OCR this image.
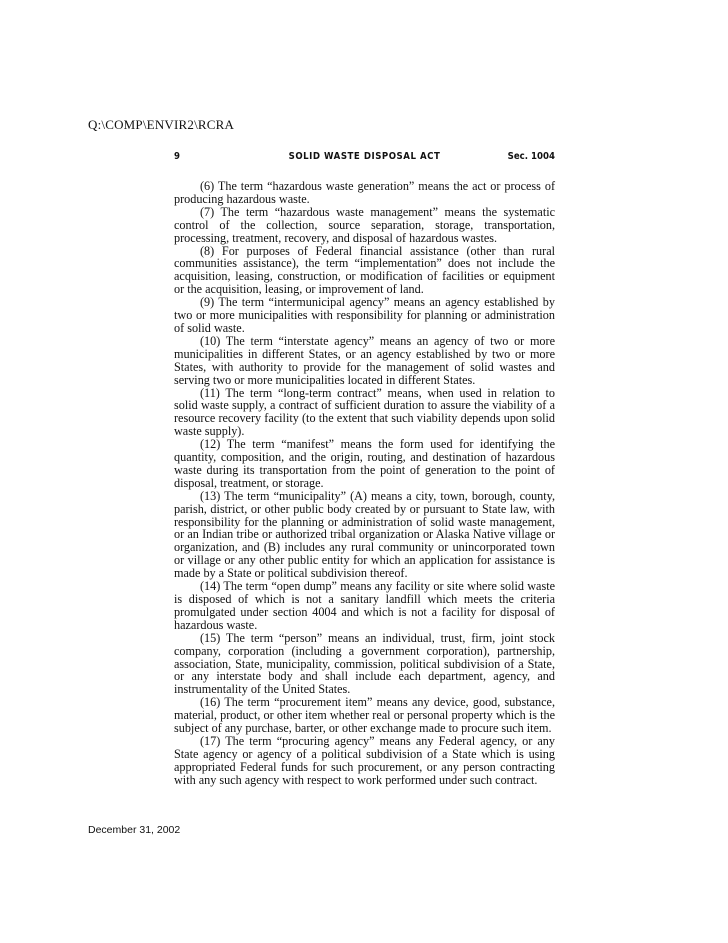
Q:\COMP\ENVIR2\RCRA
9	SOLID WASTE DISPOSAL ACT	Sec. 1004

(6) The term “hazardous waste generation” means the act or process of producing hazardous waste.

(7) The term “hazardous waste management” means the systematic control of the collection, source separation, storage, transportation, processing, treatment, recovery, and disposal of hazardous wastes.

(8) For purposes of Federal financial assistance (other than rural communities assistance), the term “implementation” does not include the acquisition, leasing, construction, or modification of facilities or equipment or the acquisition, leasing, or improvement of land.

(9) The term “intermunicipal agency” means an agency established by two or more municipalities with responsibility for planning or administration of solid waste.

(10) The term “interstate agency” means an agency of two or more municipalities in different States, or an agency established by two or more States, with authority to provide for the management of solid wastes and serving two or more municipalities located in different States.

(11) The term “long-term contract” means, when used in relation to solid waste supply, a contract of sufficient duration to assure the viability of a resource recovery facility (to the extent that such viability depends upon solid waste supply).

(12) The term “manifest” means the form used for identifying the quantity, composition, and the origin, routing, and destination of hazardous waste during its transportation from the point of generation to the point of disposal, treatment, or storage.

(13) The term “municipality” (A) means a city, town, borough, county, parish, district, or other public body created by or pursuant to State law, with responsibility for the planning or administration of solid waste management, or an Indian tribe or authorized tribal organization or Alaska Native village or organization, and (B) includes any rural community or unincorporated town or village or any other public entity for which an application for assistance is made by a State or political subdivision thereof.

(14) The term “open dump” means any facility or site where solid waste is disposed of which is not a sanitary landfill which meets the criteria promulgated under section 4004 and which is not a facility for disposal of hazardous waste.

(15) The term “person” means an individual, trust, firm, joint stock company, corporation (including a government corporation), partnership, association, State, municipality, commission, political subdivision of a State, or any interstate body and shall include each department, agency, and instrumentality of the United States.

(16) The term “procurement item” means any device, good, substance, material, product, or other item whether real or personal property which is the subject of any purchase, barter, or other exchange made to procure such item.

(17) The term “procuring agency” means any Federal agency, or any State agency or agency of a political subdivision of a State which is using appropriated Federal funds for such procurement, or any person contracting with any such agency with respect to work performed under such contract.

December 31, 2002
